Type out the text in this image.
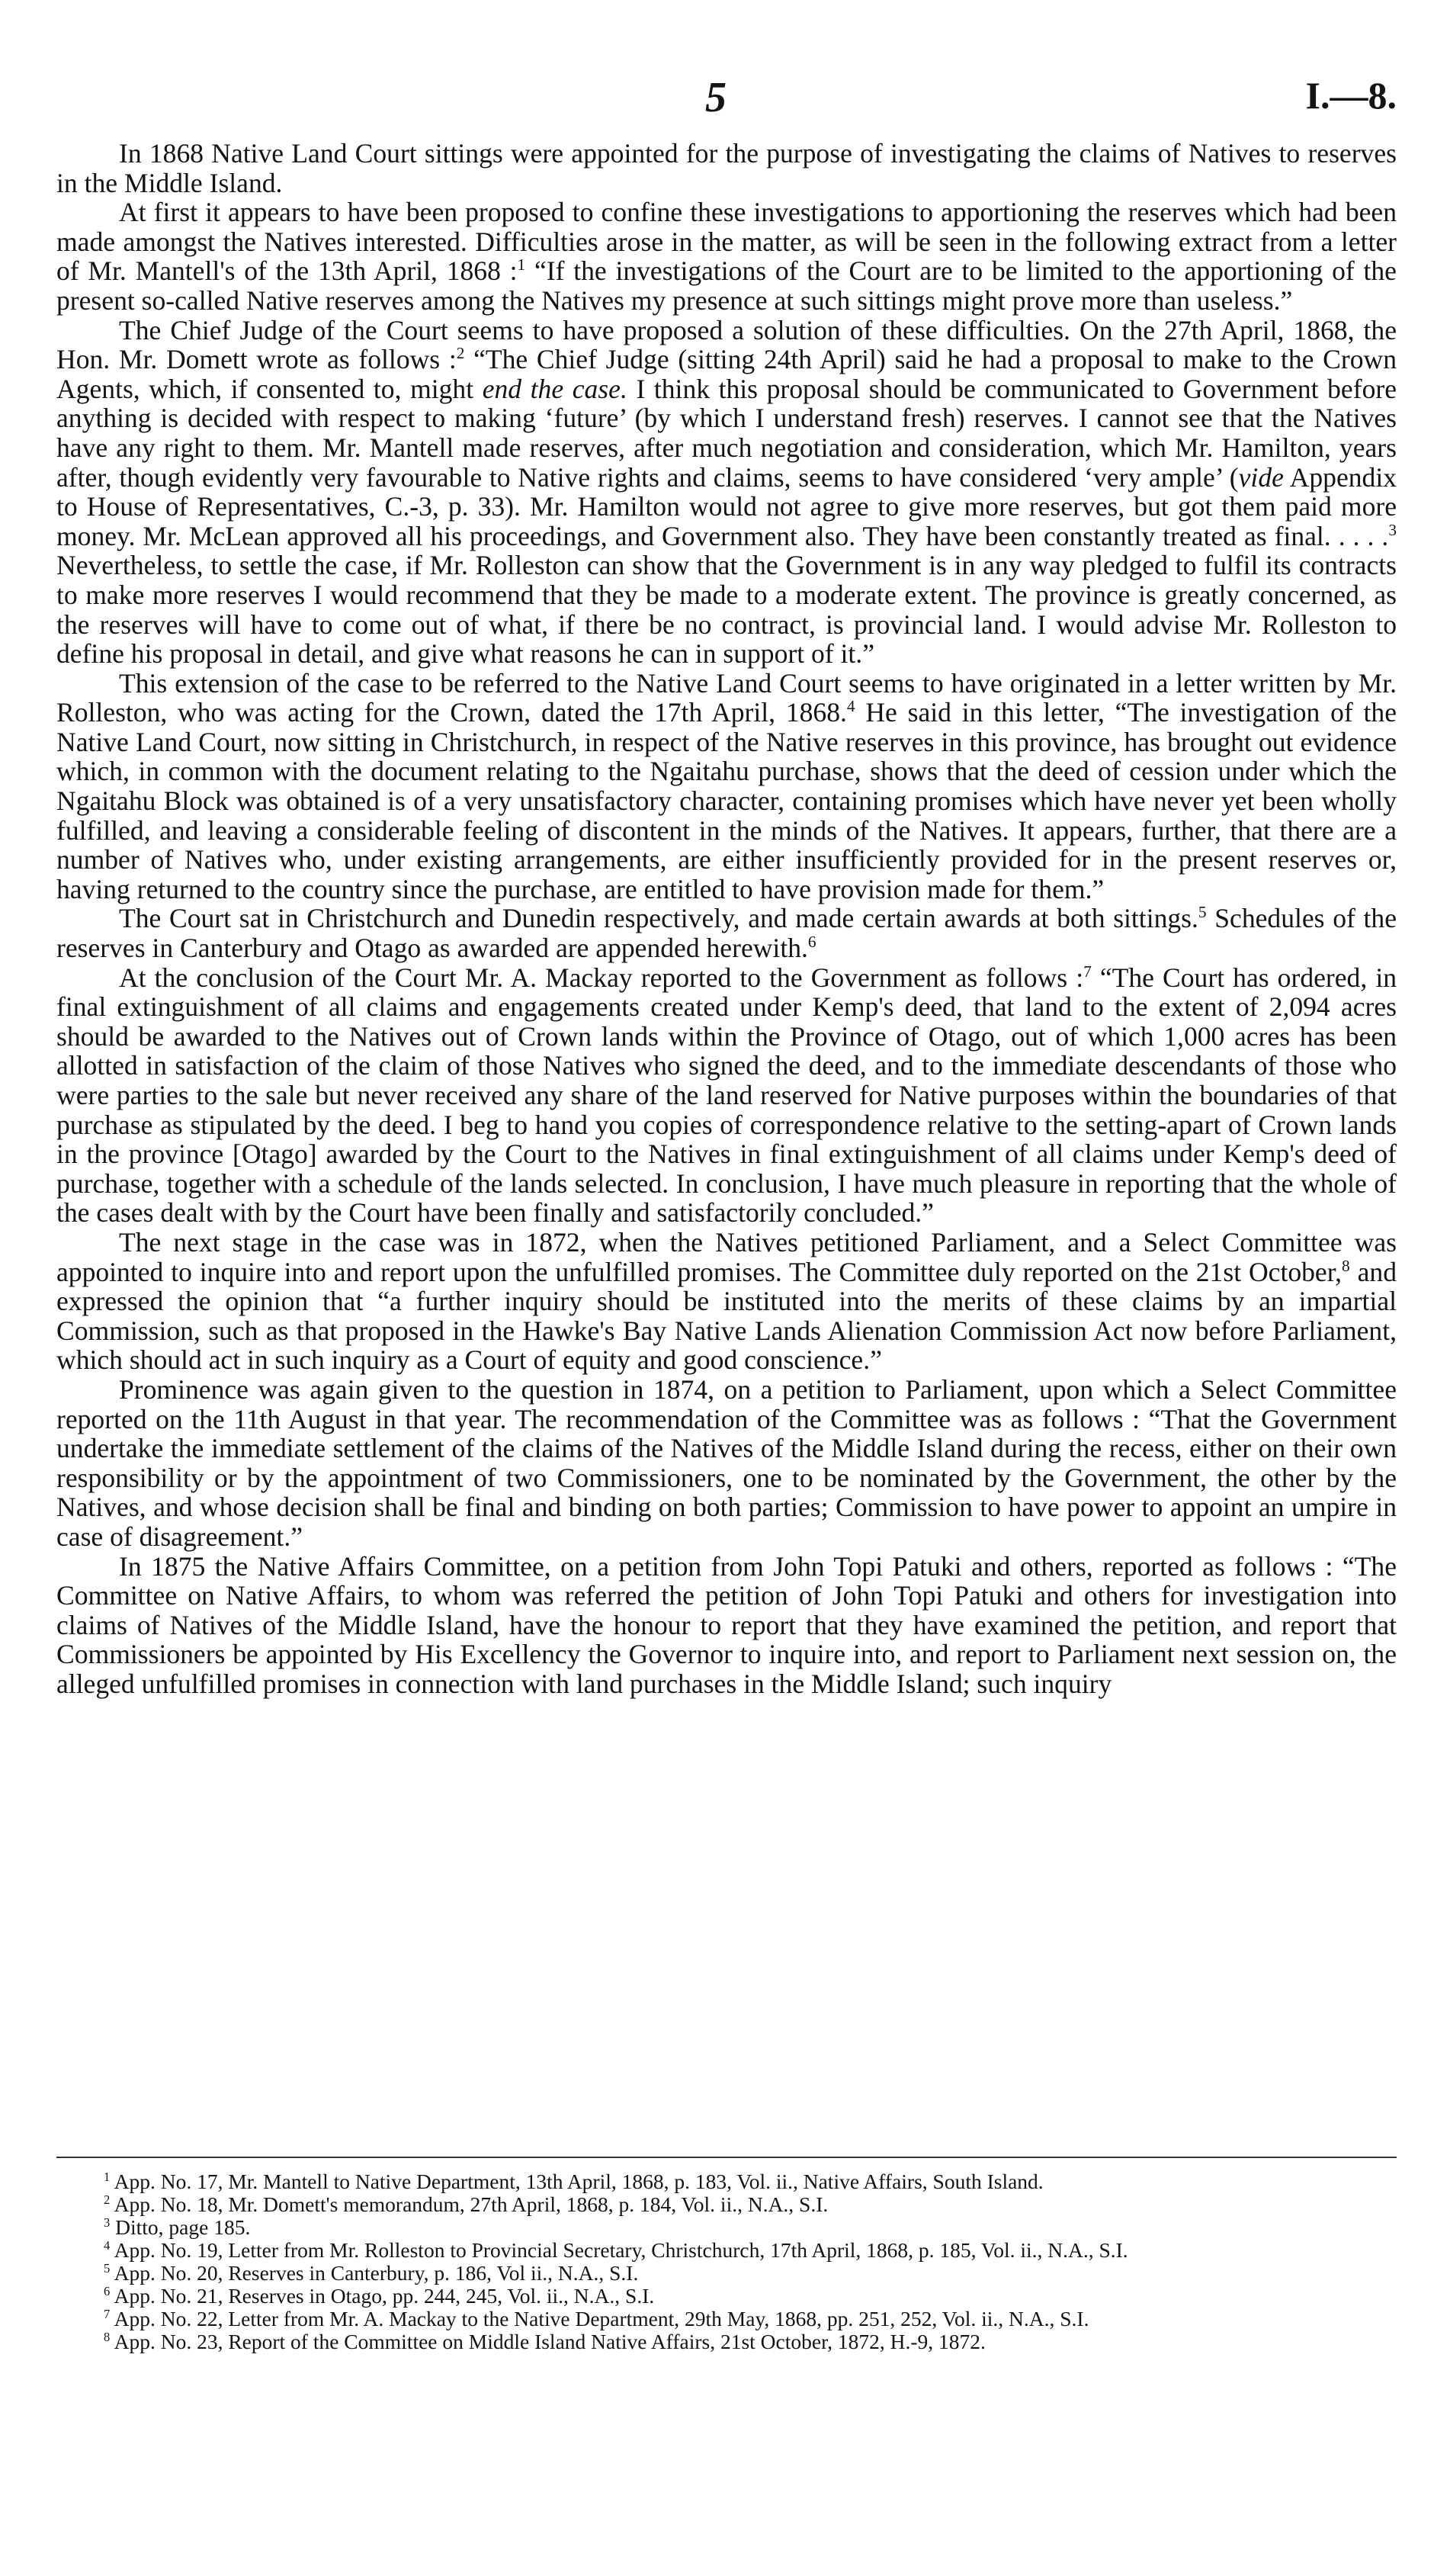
5	I.—8.

In 1868 Native Land Court sittings were appointed for the purpose of investigating the claims of Natives to reserves in the Middle Island.

At first it appears to have been proposed to confine these investigations to apportioning the reserves which had been made amongst the Natives interested. Difficulties arose in the matter, as will be seen in the following extract from a letter of Mr. Mantell's of the 13th April, 1868 :$^1$ “If the investigations of the Court are to be limited to the apportioning of the present so-called Native reserves among the Natives my presence at such sittings might prove more than useless.”

The Chief Judge of the Court seems to have proposed a solution of these difficulties. On the 27th April, 1868, the Hon. Mr. Domett wrote as follows :$^2$ “The Chief Judge (sitting 24th April) said he had a proposal to make to the Crown Agents, which, if consented to, might end the case. I think this proposal should be communicated to Government before anything is decided with respect to making ‘future’ (by which I understand fresh) reserves. I cannot see that the Natives have any right to them. Mr. Mantell made reserves, after much negotiation and consideration, which Mr. Hamilton, years after, though evidently very favourable to Native rights and claims, seems to have considered ‘very ample’ (vide Appendix to House of Representatives, C.-3, p. 33). Mr. Hamilton would not agree to give more reserves, but got them paid more money. Mr. McLean approved all his proceedings, and Government also. They have been constantly treated as final. . . . .$^3$ Nevertheless, to settle the case, if Mr. Rolleston can show that the Government is in any way pledged to fulfil its contracts to make more reserves I would recommend that they be made to a moderate extent. The province is greatly concerned, as the reserves will have to come out of what, if there be no contract, is provincial land. I would advise Mr. Rolleston to define his proposal in detail, and give what reasons he can in support of it.”

This extension of the case to be referred to the Native Land Court seems to have originated in a letter written by Mr. Rolleston, who was acting for the Crown, dated the 17th April, 1868.$^4$ He said in this letter, “The investigation of the Native Land Court, now sitting in Christchurch, in respect of the Native reserves in this province, has brought out evidence which, in common with the document relating to the Ngaitahu purchase, shows that the deed of cession under which the Ngaitahu Block was obtained is of a very unsatisfactory character, containing promises which have never yet been wholly fulfilled, and leaving a considerable feeling of discontent in the minds of the Natives. It appears, further, that there are a number of Natives who, under existing arrangements, are either insufficiently provided for in the present reserves or, having returned to the country since the purchase, are entitled to have provision made for them.”

The Court sat in Christchurch and Dunedin respectively, and made certain awards at both sittings.$^5$ Schedules of the reserves in Canterbury and Otago as awarded are appended herewith.$^6$

At the conclusion of the Court Mr. A. Mackay reported to the Government as follows :$^7$ “The Court has ordered, in final extinguishment of all claims and engagements created under Kemp's deed, that land to the extent of 2,094 acres should be awarded to the Natives out of Crown lands within the Province of Otago, out of which 1,000 acres has been allotted in satisfaction of the claim of those Natives who signed the deed, and to the immediate descendants of those who were parties to the sale but never received any share of the land reserved for Native purposes within the boundaries of that purchase as stipulated by the deed. I beg to hand you copies of correspondence relative to the setting-apart of Crown lands in the province [Otago] awarded by the Court to the Natives in final extinguishment of all claims under Kemp's deed of purchase, together with a schedule of the lands selected. In conclusion, I have much pleasure in reporting that the whole of the cases dealt with by the Court have been finally and satisfactorily concluded.”

The next stage in the case was in 1872, when the Natives petitioned Parliament, and a Select Committee was appointed to inquire into and report upon the unfulfilled promises. The Committee duly reported on the 21st October,$^8$ and expressed the opinion that “a further inquiry should be instituted into the merits of these claims by an impartial Commission, such as that proposed in the Hawke's Bay Native Lands Alienation Commission Act now before Parliament, which should act in such inquiry as a Court of equity and good conscience.”

Prominence was again given to the question in 1874, on a petition to Parliament, upon which a Select Committee reported on the 11th August in that year. The recommendation of the Committee was as follows : “That the Government undertake the immediate settlement of the claims of the Natives of the Middle Island during the recess, either on their own responsibility or by the appointment of two Commissioners, one to be nominated by the Government, the other by the Natives, and whose decision shall be final and binding on both parties; Commission to have power to appoint an umpire in case of disagreement.”

In 1875 the Native Affairs Committee, on a petition from John Topi Patuki and others, reported as follows : “The Committee on Native Affairs, to whom was referred the petition of John Topi Patuki and others for investigation into claims of Natives of the Middle Island, have the honour to report that they have examined the petition, and report that Commissioners be appointed by His Excellency the Governor to inquire into, and report to Parliament next session on, the alleged unfulfilled promises in connection with land purchases in the Middle Island; such inquiry

$^1$ App. No. 17, Mr. Mantell to Native Department, 13th April, 1868, p. 183, Vol. ii., Native Affairs, South Island.

$^2$ App. No. 18, Mr. Domett's memorandum, 27th April, 1868, p. 184, Vol. ii., N.A., S.I.

$^3$ Ditto, page 185.

$^4$ App. No. 19, Letter from Mr. Rolleston to Provincial Secretary, Christchurch, 17th April, 1868, p. 185, Vol. ii., N.A., S.I.

$^5$ App. No. 20, Reserves in Canterbury, p. 186, Vol ii., N.A., S.I.

$^6$ App. No. 21, Reserves in Otago, pp. 244, 245, Vol. ii., N.A., S.I.

$^7$ App. No. 22, Letter from Mr. A. Mackay to the Native Department, 29th May, 1868, pp. 251, 252, Vol. ii., N.A., S.I.

$^8$ App. No. 23, Report of the Committee on Middle Island Native Affairs, 21st October, 1872, H.-9, 1872.
